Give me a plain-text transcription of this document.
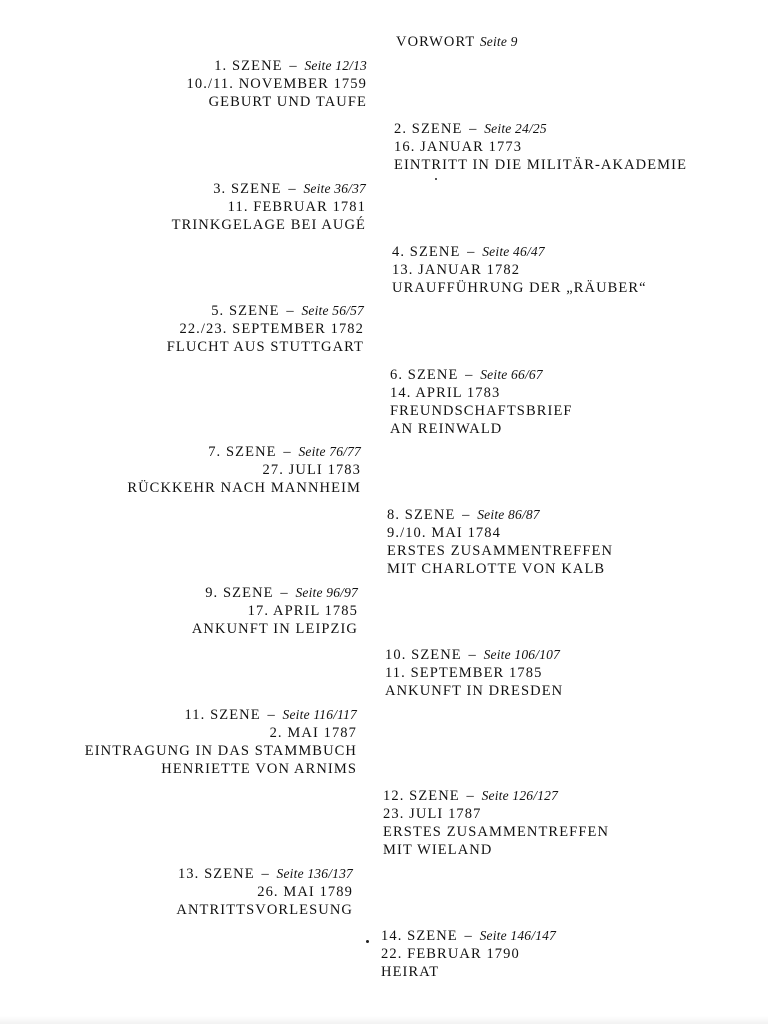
VORWORT Seite 9
1. SZENE – Seite 12/13
10./11. NOVEMBER 1759
GEBURT UND TAUFE
2. SZENE – Seite 24/25
16. JANUAR 1773
EINTRITT IN DIE MILITÄR-AKADEMIE
3. SZENE – Seite 36/37
11. FEBRUAR 1781
TRINKGELAGE BEI AUGÉ
4. SZENE – Seite 46/47
13. JANUAR 1782
URAUFFÜHRUNG DER „RÄUBER“
5. SZENE – Seite 56/57
22./23. SEPTEMBER 1782
FLUCHT AUS STUTTGART
6. SZENE – Seite 66/67
14. APRIL 1783
FREUNDSCHAFTSBRIEF
AN REINWALD
7. SZENE – Seite 76/77
27. JULI 1783
RÜCKKEHR NACH MANNHEIM
8. SZENE – Seite 86/87
9./10. MAI 1784
ERSTES ZUSAMMENTREFFEN
MIT CHARLOTTE VON KALB
9. SZENE – Seite 96/97
17. APRIL 1785
ANKUNFT IN LEIPZIG
10. SZENE – Seite 106/107
11. SEPTEMBER 1785
ANKUNFT IN DRESDEN
11. SZENE – Seite 116/117
2. MAI 1787
EINTRAGUNG IN DAS STAMMBUCH
HENRIETTE VON ARNIMS
12. SZENE – Seite 126/127
23. JULI 1787
ERSTES ZUSAMMENTREFFEN
MIT WIELAND
13. SZENE – Seite 136/137
26. MAI 1789
ANTRITTSVORLESUNG
14. SZENE – Seite 146/147
22. FEBRUAR 1790
HEIRAT
